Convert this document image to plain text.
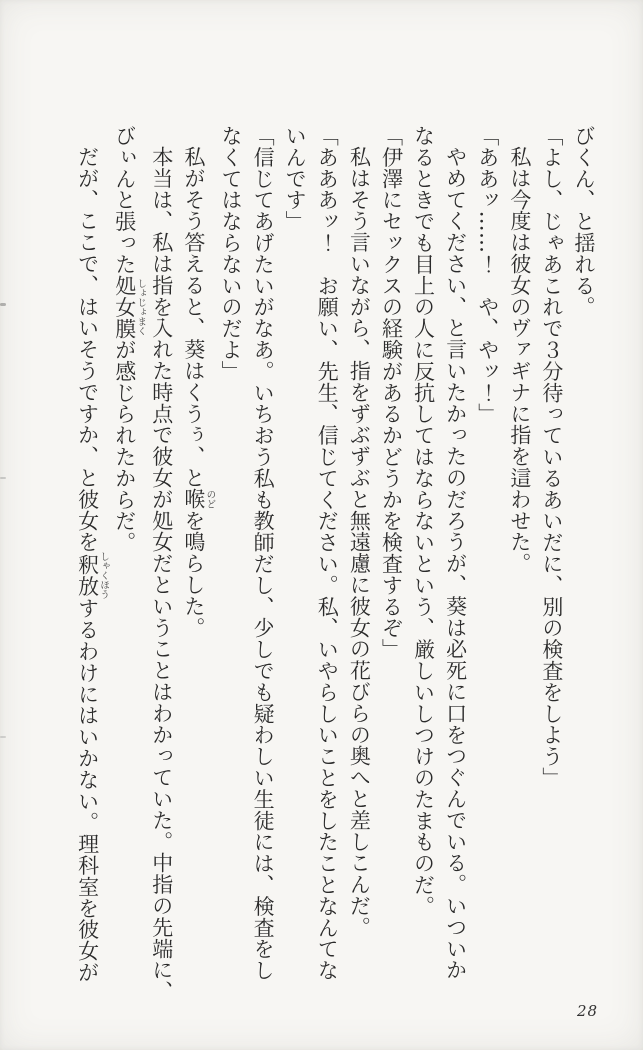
びくん、と揺れる。
「よし、じゃあこれで３分待っているあいだに、別の検査をしよう」
私は今度は彼女のヴァギナに指を這わせた。
「ああッ……！　や、やッ！」
やめてください、と言いたかったのだろうが、葵は必死に口をつぐんでいる。いついか
なるときでも目上の人に反抗してはならないという、厳しいしつけのたまものだ。
「伊澤にセックスの経験があるかどうかを検査するぞ」
私はそう言いながら、指をずぶずぶと無遠慮に彼女の花びらの奥へと差しこんだ。
「あああッ！　お願い、先生、信じてください。私、いやらしいことをしたことなんてな
いんです」
「信じてあげたいがなあ。いちおう私も教師だし、少しでも疑わしい生徒には、検査をし
なくてはならないのだよ」
私がそう答えると、葵はくうぅ、と喉のどを鳴らした。
本当は、私は指を入れた時点で彼女が処女だということはわかっていた。中指の先端に、
びぃんと張った処女膜しょじょまくが感じられたからだ。
だが、ここで、はいそうですか、と彼女を釈放しゃくほうするわけにはいかない。理科室を彼女が
28
